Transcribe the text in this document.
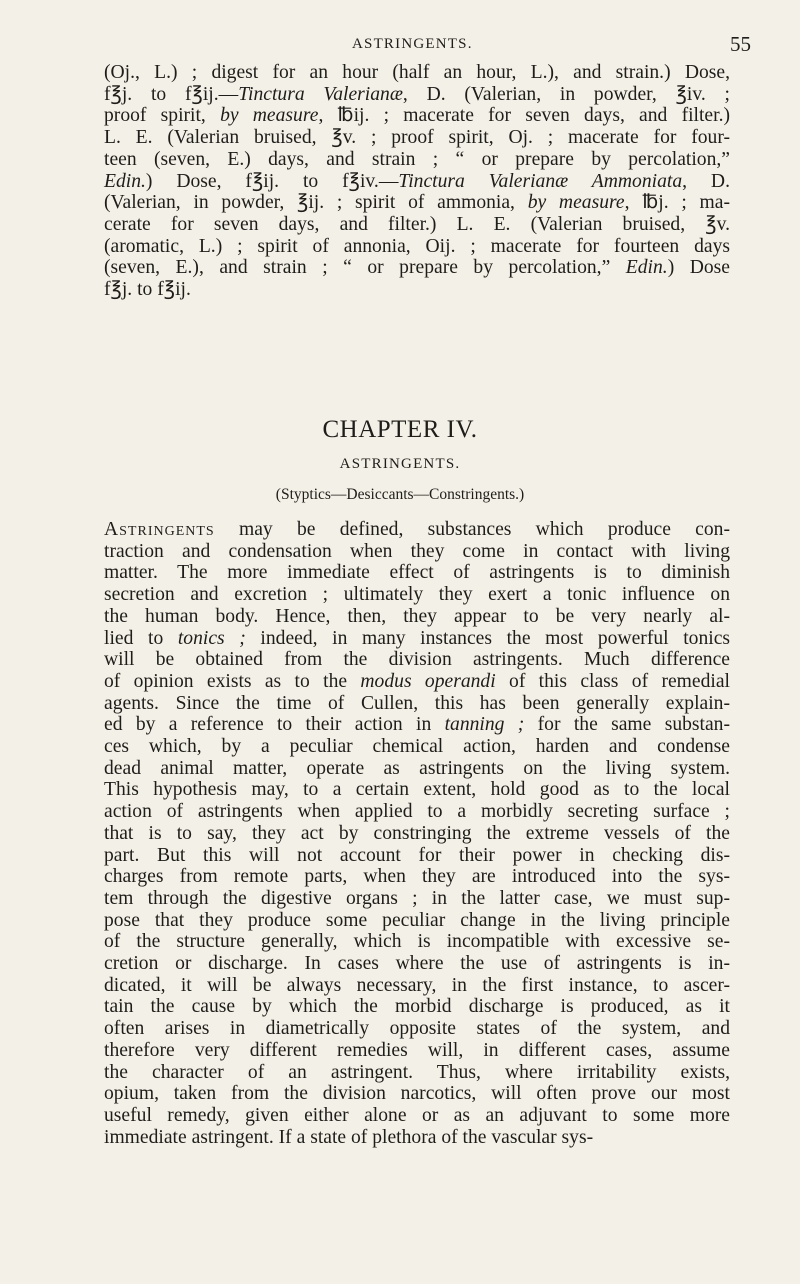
ASTRINGENTS.	55
(Oj., L.) ; digest for an hour (half an hour, L.), and strain.) Dose,
f℥j. to f℥ij.—Tinctura Valerianæ, D. (Valerian, in powder, ℥iv. ;
proof spirit, by measure, ℔ij. ; macerate for seven days, and filter.)
L. E. (Valerian bruised, ℥v. ; proof spirit, Oj. ; macerate for four-
teen (seven, E.) days, and strain ; “ or prepare by percolation,”
Edin.) Dose, f℥ij. to f℥iv.—Tinctura Valerianæ Ammoniata, D.
(Valerian, in powder, ℥ij. ; spirit of ammonia, by measure, ℔j. ; ma-
cerate for seven days, and filter.) L. E. (Valerian bruised, ℥v.
(aromatic, L.) ; spirit of annonia, Oij. ; macerate for fourteen days
(seven, E.), and strain ; “ or prepare by percolation,” Edin.) Dose
f℥j. to f℥ij.
CHAPTER IV.
ASTRINGENTS.
(Styptics—Desiccants—Constringents.)
Astringents may be defined, substances which produce con-
traction and condensation when they come in contact with living
matter. The more immediate effect of astringents is to diminish
secretion and excretion ; ultimately they exert a tonic influence on
the human body. Hence, then, they appear to be very nearly al-
lied to tonics ; indeed, in many instances the most powerful tonics
will be obtained from the division astringents. Much difference
of opinion exists as to the modus operandi of this class of remedial
agents. Since the time of Cullen, this has been generally explain-
ed by a reference to their action in tanning ; for the same substan-
ces which, by a peculiar chemical action, harden and condense
dead animal matter, operate as astringents on the living system.
This hypothesis may, to a certain extent, hold good as to the local
action of astringents when applied to a morbidly secreting surface ;
that is to say, they act by constringing the extreme vessels of the
part. But this will not account for their power in checking dis-
charges from remote parts, when they are introduced into the sys-
tem through the digestive organs ; in the latter case, we must sup-
pose that they produce some peculiar change in the living principle
of the structure generally, which is incompatible with excessive se-
cretion or discharge. In cases where the use of astringents is in-
dicated, it will be always necessary, in the first instance, to ascer-
tain the cause by which the morbid discharge is produced, as it
often arises in diametrically opposite states of the system, and
therefore very different remedies will, in different cases, assume
the character of an astringent. Thus, where irritability exists,
opium, taken from the division narcotics, will often prove our most
useful remedy, given either alone or as an adjuvant to some more
immediate astringent. If a state of plethora of the vascular sys-
